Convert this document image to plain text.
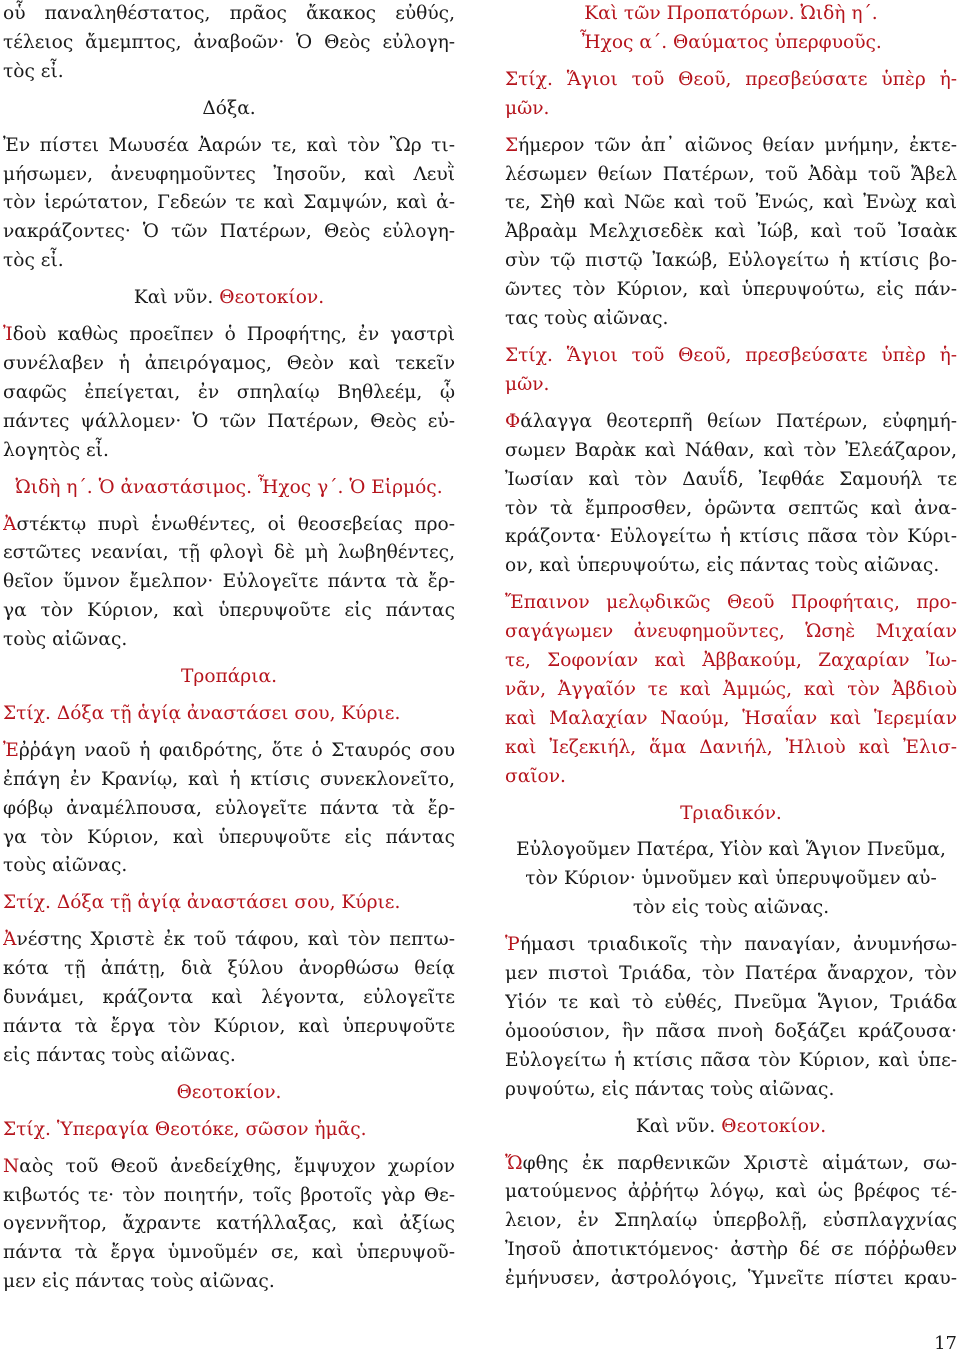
οὗ παναληθέστατος, πρᾶος ἄκακος εὐθύς,
τέλειος ἄμεμπτος, ἀναβοῶν· Ὁ Θεὸς εὐλογη-
τὸς εἶ.

Δόξα.

Ἐν πίστει Μωυσέα Ἀαρών τε, καὶ τὸν Ὢρ τι-
μήσωμεν, ἀνευφημοῦντες Ἰησοῦν, καὶ Λευῒ
τὸν ἱερώτατον, Γεδεών τε καὶ Σαμψών, καὶ ἀ-
νακράζοντες· Ὁ τῶν Πατέρων, Θεὸς εὐλογη-
τὸς εἶ.

Καὶ νῦν. Θεοτοκίον.

Ἰδοὺ καθὼς προεῖπεν ὁ Προφήτης, ἐν γαστρὶ
συνέλαβεν ἡ ἀπειρόγαμος, Θεὸν καὶ τεκεῖν
σαφῶς ἐπείγεται, ἐν σπηλαίῳ Βηθλεέμ, ᾧ
πάντες ψάλλομεν· Ὁ τῶν Πατέρων, Θεὸς εὐ-
λογητὸς εἶ.

Ὠιδὴ η´. Ὁ ἀναστάσιμος. Ἦχος γ´. Ὁ Εἱρμός.

Ἀστέκτῳ πυρὶ ἑνωθέντες, οἱ θεοσεβείας προ-
εστῶτες νεανίαι, τῇ φλογὶ δὲ μὴ λωβηθέντες,
θεῖον ὕμνον ἔμελπον· Εὐλογεῖτε πάντα τὰ ἔρ-
γα τὸν Κύριον, καὶ ὑπερυψοῦτε εἰς πάντας
τοὺς αἰῶνας.

Τροπάρια.

Στίχ. Δόξα τῇ ἁγίᾳ ἀναστάσει σου, Κύριε.

Ἐῤῥάγη ναοῦ ἡ φαιδρότης, ὅτε ὁ Σταυρός σου
ἐπάγη ἐν Κρανίῳ, καὶ ἡ κτίσις συνεκλονεῖτο,
φόβῳ ἀναμέλπουσα, εὐλογεῖτε πάντα τὰ ἔρ-
γα τὸν Κύριον, καὶ ὑπερυψοῦτε εἰς πάντας
τοὺς αἰῶνας.

Στίχ. Δόξα τῇ ἁγίᾳ ἀναστάσει σου, Κύριε.

Ἀνέστης Χριστὲ ἐκ τοῦ τάφου, καὶ τὸν πεπτω-
κότα τῇ ἀπάτῃ, διὰ ξύλου ἀνορθώσω θείᾳ
δυνάμει, κράζοντα καὶ λέγοντα, εὐλογεῖτε
πάντα τὰ ἔργα τὸν Κύριον, καὶ ὑπερυψοῦτε
εἰς πάντας τοὺς αἰῶνας.

Θεοτοκίον.

Στίχ. Ὑπεραγία Θεοτόκε, σῶσον ἡμᾶς.

Ναὸς τοῦ Θεοῦ ἀνεδείχθης, ἔμψυχον χωρίον
κιβωτός τε· τὸν ποιητήν, τοῖς βροτοῖς γὰρ Θε-
ογεννῆτορ, ἄχραντε κατήλλαξας, καὶ ἀξίως
πάντα τὰ ἔργα ὑμνοῦμέν σε, καὶ ὑπερυψοῦ-
μεν εἰς πάντας τοὺς αἰῶνας.

Καὶ τῶν Προπατόρων. Ὠιδὴ η´.

Ἦχος α´. Θαύματος ὑπερφυοῦς.

Στίχ. Ἅγιοι τοῦ Θεοῦ, πρεσβεύσατε ὑπὲρ ἡ-
μῶν.

Σήμερον τῶν ἀπ᾽ αἰῶνος θείαν μνήμην, ἐκτε-
λέσωμεν θείων Πατέρων, τοῦ Ἀδὰμ τοῦ Ἄβελ
τε, Σὴθ καὶ Νῶε καὶ τοῦ Ἐνώς, καὶ Ἐνὼχ καὶ
Ἀβραὰμ Μελχισεδὲκ καὶ Ἰώβ, καὶ τοῦ Ἰσαὰκ
σὺν τῷ πιστῷ Ἰακώβ, Εὐλογείτω ἡ κτίσις βο-
ῶντες τὸν Κύριον, καὶ ὑπερυψούτω, εἰς πάν-
τας τοὺς αἰῶνας.

Στίχ. Ἅγιοι τοῦ Θεοῦ, πρεσβεύσατε ὑπὲρ ἡ-
μῶν.

Φάλαγγα θεοτερπῆ θείων Πατέρων, εὐφημή-
σωμεν Βαρὰκ καὶ Νάθαν, καὶ τὸν Ἐλεάζαρον,
Ἰωσίαν καὶ τὸν Δαυΐδ, Ἰεφθάε Σαμουήλ τε
τὸν τὰ ἔμπροσθεν, ὁρῶντα σεπτῶς καὶ ἀνα-
κράζοντα· Εὐλογείτω ἡ κτίσις πᾶσα τὸν Κύρι-
ον, καὶ ὑπερυψούτω, εἰς πάντας τοὺς αἰῶνας.

Ἔπαινον μελῳδικῶς Θεοῦ Προφήταις, προ-
σαγάγωμεν ἀνευφημοῦντες, Ὡσηὲ Μιχαίαν
τε, Σοφονίαν καὶ Ἀββακούμ, Ζαχαρίαν Ἰω-
νᾶν, Ἀγγαῖόν τε καὶ Ἀμμώς, καὶ τὸν Ἀβδιοὺ
καὶ Μαλαχίαν Ναούμ, Ἡσαΐαν καὶ Ἱερεμίαν
καὶ Ἰεζεκιήλ, ἅμα Δανιήλ, Ἠλιοὺ καὶ Ἐλισ-
σαῖον.

Τριαδικόν.

Εὐλογοῦμεν Πατέρα, Υἱὸν καὶ Ἅγιον Πνεῦμα,
τὸν Κύριον· ὑμνοῦμεν καὶ ὑπερυψοῦμεν αὐ-
τὸν εἰς τοὺς αἰῶνας.

Ῥήμασι τριαδικοῖς τὴν παναγίαν, ἀνυμνήσω-
μεν πιστοὶ Τριάδα, τὸν Πατέρα ἄναρχον, τὸν
Υἱόν τε καὶ τὸ εὐθές, Πνεῦμα Ἅγιον, Τριάδα
ὁμοούσιον, ἣν πᾶσα πνοὴ δοξάζει κράζουσα·
Εὐλογείτω ἡ κτίσις πᾶσα τὸν Κύριον, καὶ ὑπε-
ρυψούτω, εἰς πάντας τοὺς αἰῶνας.

Καὶ νῦν. Θεοτοκίον.

Ὤφθης ἐκ παρθενικῶν Χριστὲ αἱμάτων, σω-
ματούμενος ἀῤῥήτῳ λόγῳ, καὶ ὡς βρέφος τέ-
λειον, ἐν Σπηλαίῳ ὑπερβολῇ, εὐσπλαγχνίας
Ἰησοῦ ἀποτικτόμενος· ἀστὴρ δέ σε πόῤῥωθεν
ἐμήνυσεν, ἀστρολόγοις, Ὑμνεῖτε πίστει κραυ-

17
